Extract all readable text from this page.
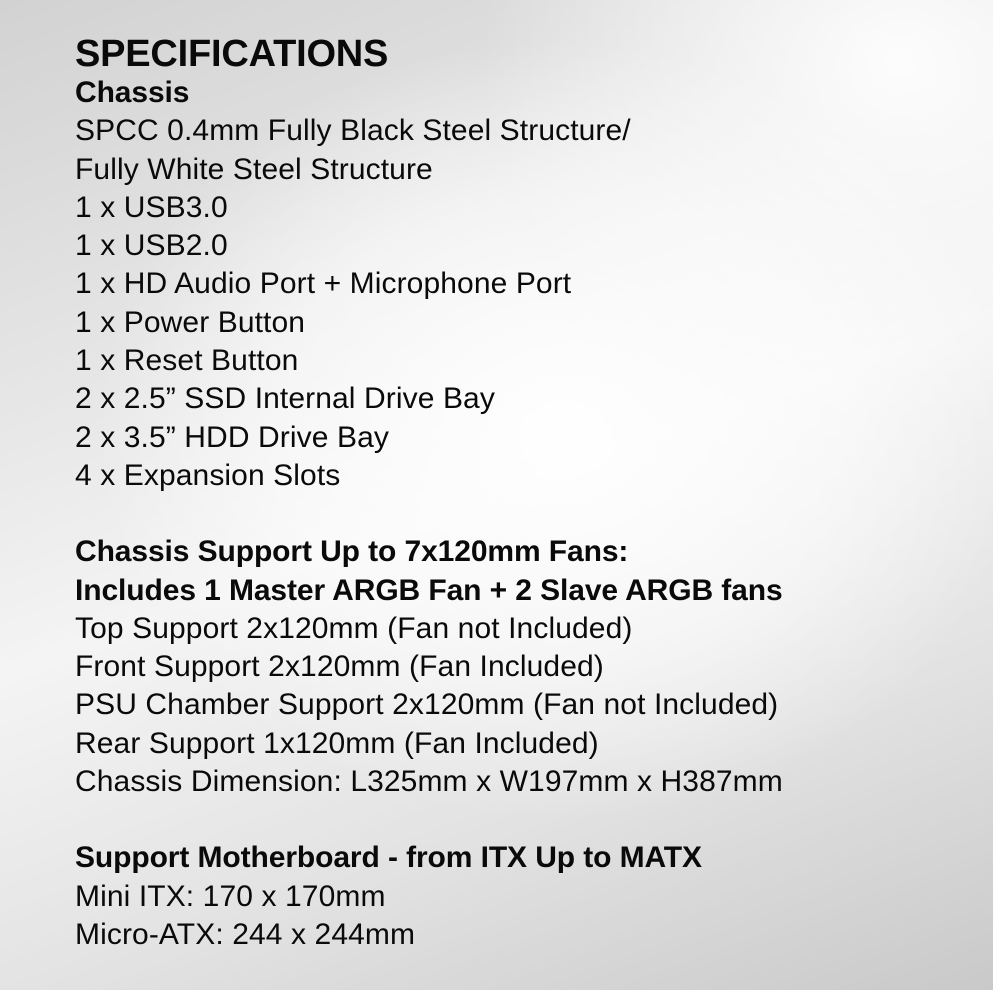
SPECIFICATIONS
Chassis
SPCC 0.4mm Fully Black Steel Structure/
Fully White Steel Structure
1 x USB3.0
1 x USB2.0
1 x HD Audio Port + Microphone Port
1 x Power Button
1 x Reset Button
2 x 2.5” SSD Internal Drive Bay
2 x 3.5” HDD Drive Bay
4 x Expansion Slots
Chassis Support Up to 7x120mm Fans:
Includes 1 Master ARGB Fan + 2 Slave ARGB fans
Top Support 2x120mm (Fan not Included)
Front Support 2x120mm (Fan Included)
PSU Chamber Support 2x120mm (Fan not Included)
Rear Support 1x120mm (Fan Included)
Chassis Dimension: L325mm x W197mm x H387mm
Support Motherboard - from ITX Up to MATX
Mini ITX: 170 x 170mm
Micro-ATX: 244 x 244mm
